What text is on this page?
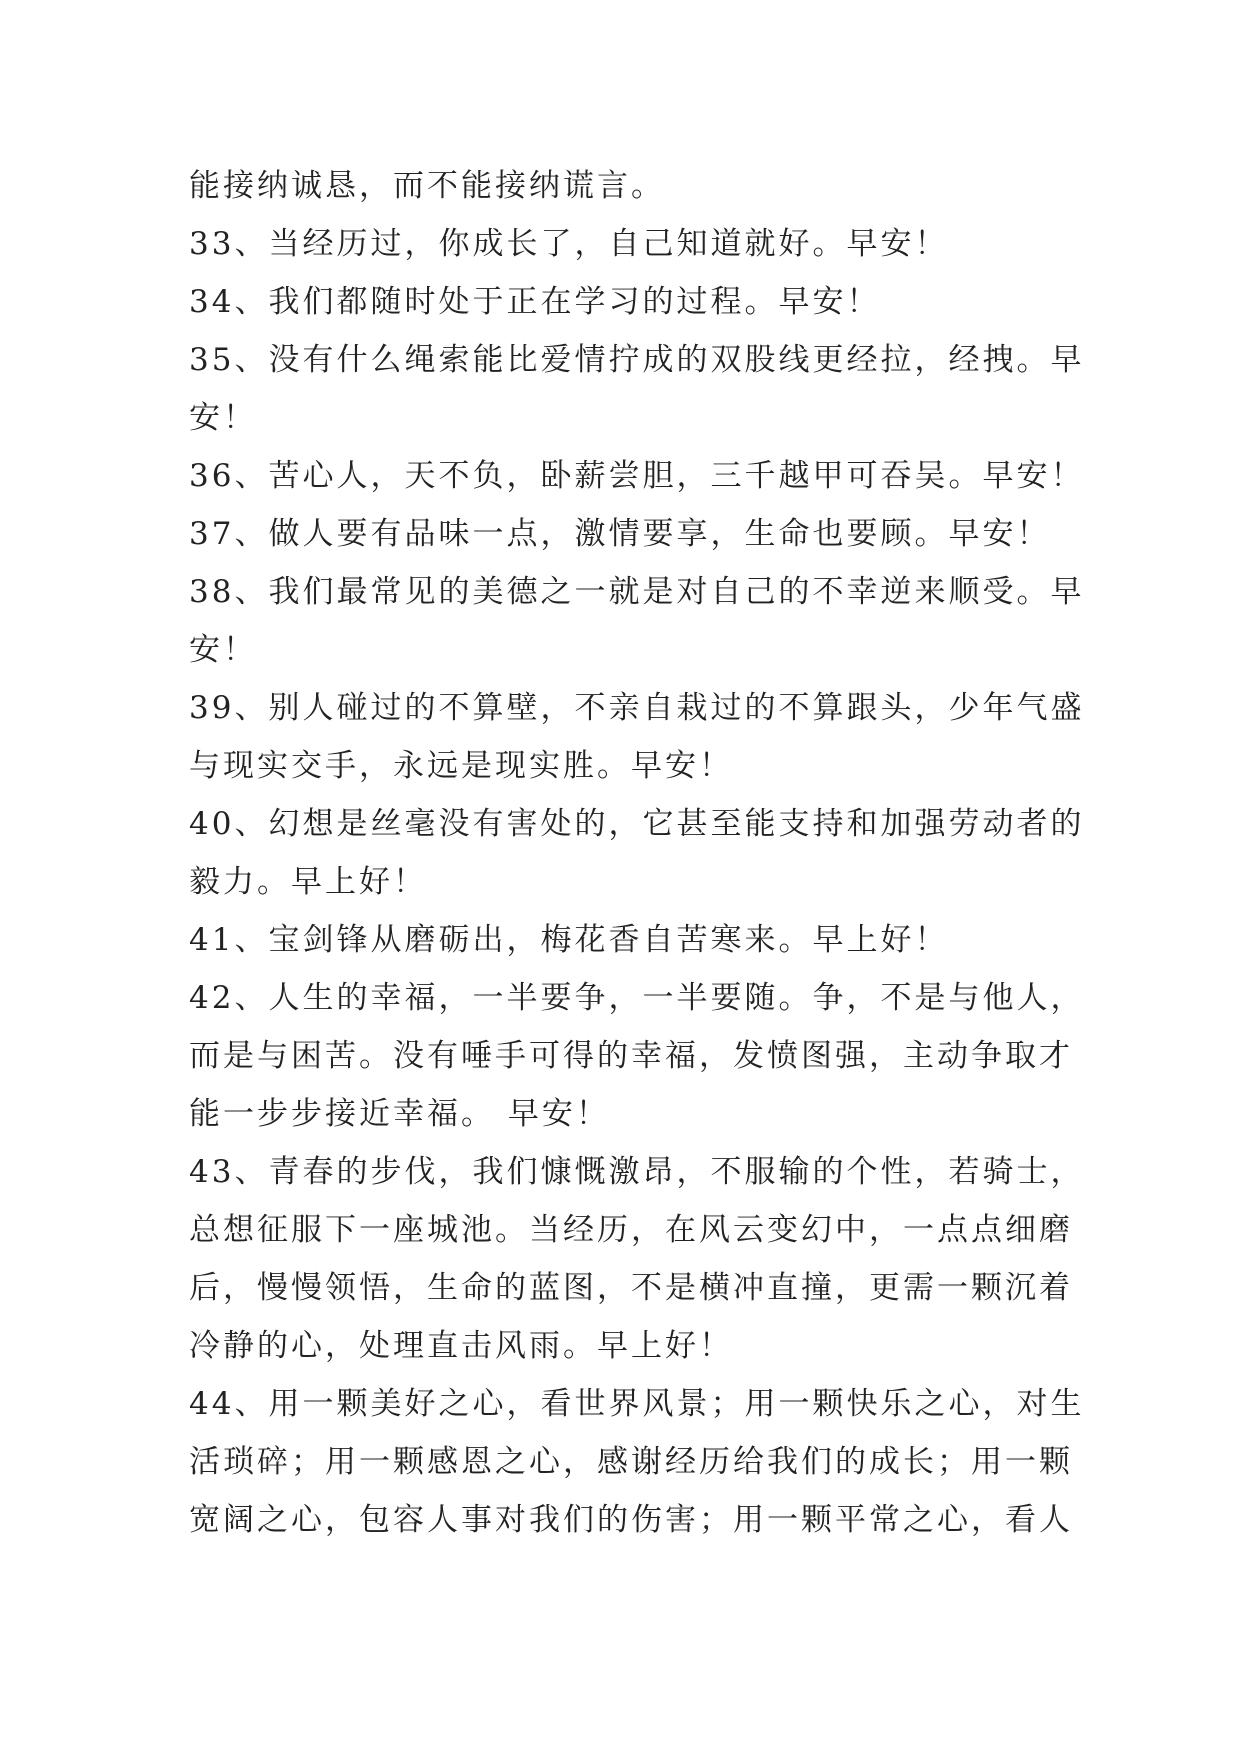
能接纳诚恳，而不能接纳谎言。
33、当经历过，你成长了，自己知道就好。早安！
34、我们都随时处于正在学习的过程。早安！
35、没有什么绳索能比爱情拧成的双股线更经拉，经拽。早
安！
36、苦心人，天不负，卧薪尝胆，三千越甲可吞吴。早安！
37、做人要有品味一点，激情要享，生命也要顾。早安！
38、我们最常见的美德之一就是对自己的不幸逆来顺受。早
安！
39、别人碰过的不算壁，不亲自栽过的不算跟头，少年气盛
与现实交手，永远是现实胜。早安！
40、幻想是丝毫没有害处的，它甚至能支持和加强劳动者的
毅力。早上好！
41、宝剑锋从磨砺出，梅花香自苦寒来。早上好！
42、人生的幸福，一半要争，一半要随。争，不是与他人，
而是与困苦。没有唾手可得的幸福，发愤图强，主动争取才
能一步步接近幸福。 早安！
43、青春的步伐，我们慷慨激昂，不服输的个性，若骑士，
总想征服下一座城池。当经历，在风云变幻中，一点点细磨
后，慢慢领悟，生命的蓝图，不是横冲直撞，更需一颗沉着
冷静的心，处理直击风雨。早上好！
44、用一颗美好之心，看世界风景；用一颗快乐之心，对生
活琐碎；用一颗感恩之心，感谢经历给我们的成长；用一颗
宽阔之心，包容人事对我们的伤害；用一颗平常之心，看人
